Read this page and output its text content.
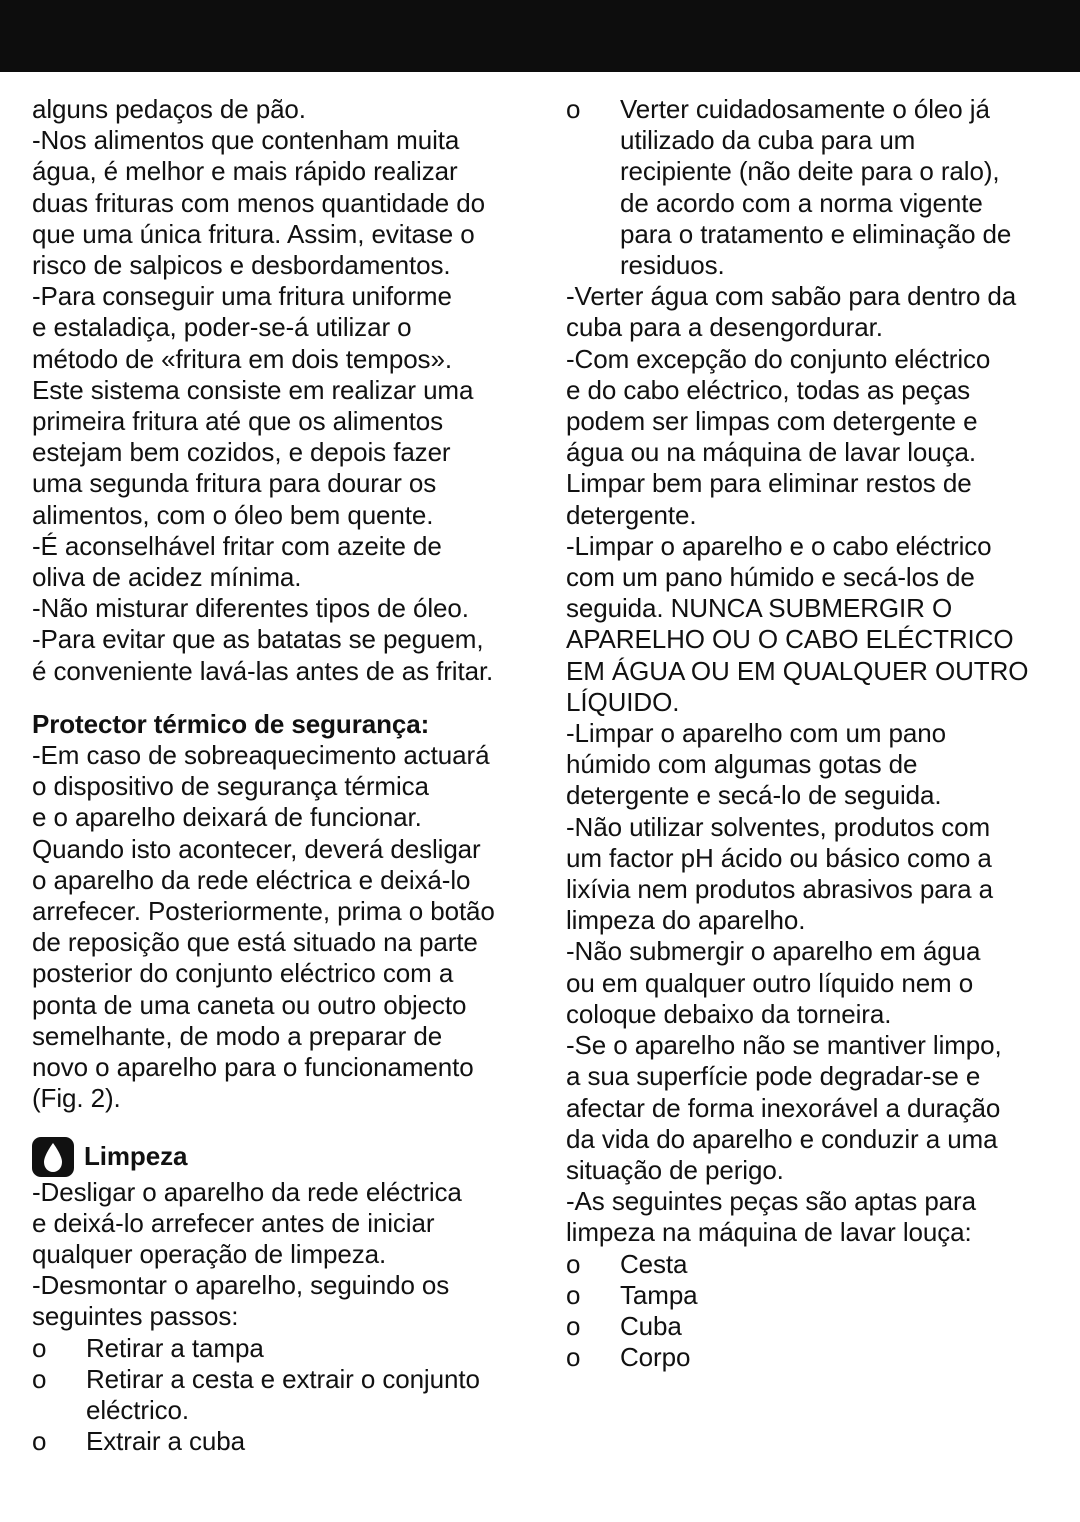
alguns pedaços de pão.
-Nos alimentos que contenham muita
água, é melhor e mais rápido realizar
duas frituras com menos quantidade do
que uma única fritura. Assim, evitase o
risco de salpicos e desbordamentos.
-Para conseguir uma fritura uniforme
e estaladiça, poder-se-á utilizar o
método de «fritura em dois tempos».
Este sistema consiste em realizar uma
primeira fritura até que os alimentos
estejam bem cozidos, e depois fazer
uma segunda fritura para dourar os
alimentos, com o óleo bem quente.
-É aconselhável fritar com azeite de
oliva de acidez mínima.
-Não misturar diferentes tipos de óleo.
-Para evitar que as batatas se peguem,
é conveniente lavá-las antes de as fritar.
Protector térmico de segurança:
-Em caso de sobreaquecimento actuará
o dispositivo de segurança térmica
e o aparelho deixará de funcionar.
Quando isto acontecer, deverá desligar
o aparelho da rede eléctrica e deixá-lo
arrefecer. Posteriormente, prima o botão
de reposição que está situado na parte
posterior do conjunto eléctrico com a
ponta de uma caneta ou outro objecto
semelhante, de modo a preparar de
novo o aparelho para o funcionamento
(Fig. 2).
Limpeza
-Desligar o aparelho da rede eléctrica
e deixá-lo arrefecer antes de iniciar
qualquer operação de limpeza.
-Desmontar o aparelho, seguindo os
seguintes passos:
o Retirar a tampa
o Retirar a cesta e extrair o conjunto
eléctrico.
o Extrair a cuba
o Verter cuidadosamente o óleo já
utilizado da cuba para um
recipiente (não deite para o ralo),
de acordo com a norma vigente
para o tratamento e eliminação de
residuos.
-Verter água com sabão para dentro da
cuba para a desengordurar.
-Com excepção do conjunto eléctrico
e do cabo eléctrico, todas as peças
podem ser limpas com detergente e
água ou na máquina de lavar louça.
Limpar bem para eliminar restos de
detergente.
-Limpar o aparelho e o cabo eléctrico
com um pano húmido e secá-los de
seguida. NUNCA SUBMERGIR O
APARELHO OU O CABO ELÉCTRICO
EM ÁGUA OU EM QUALQUER OUTRO
LÍQUIDO.
-Limpar o aparelho com um pano
húmido com algumas gotas de
detergente e secá-lo de seguida.
-Não utilizar solventes, produtos com
um factor pH ácido ou básico como a
lixívia nem produtos abrasivos para a
limpeza do aparelho.
-Não submergir o aparelho em água
ou em qualquer outro líquido nem o
coloque debaixo da torneira.
-Se o aparelho não se mantiver limpo,
a sua superfície pode degradar-se e
afectar de forma inexorável a duração
da vida do aparelho e conduzir a uma
situação de perigo.
-As seguintes peças são aptas para
limpeza na máquina de lavar louça:
o Cesta
o Tampa
o Cuba
o Corpo
